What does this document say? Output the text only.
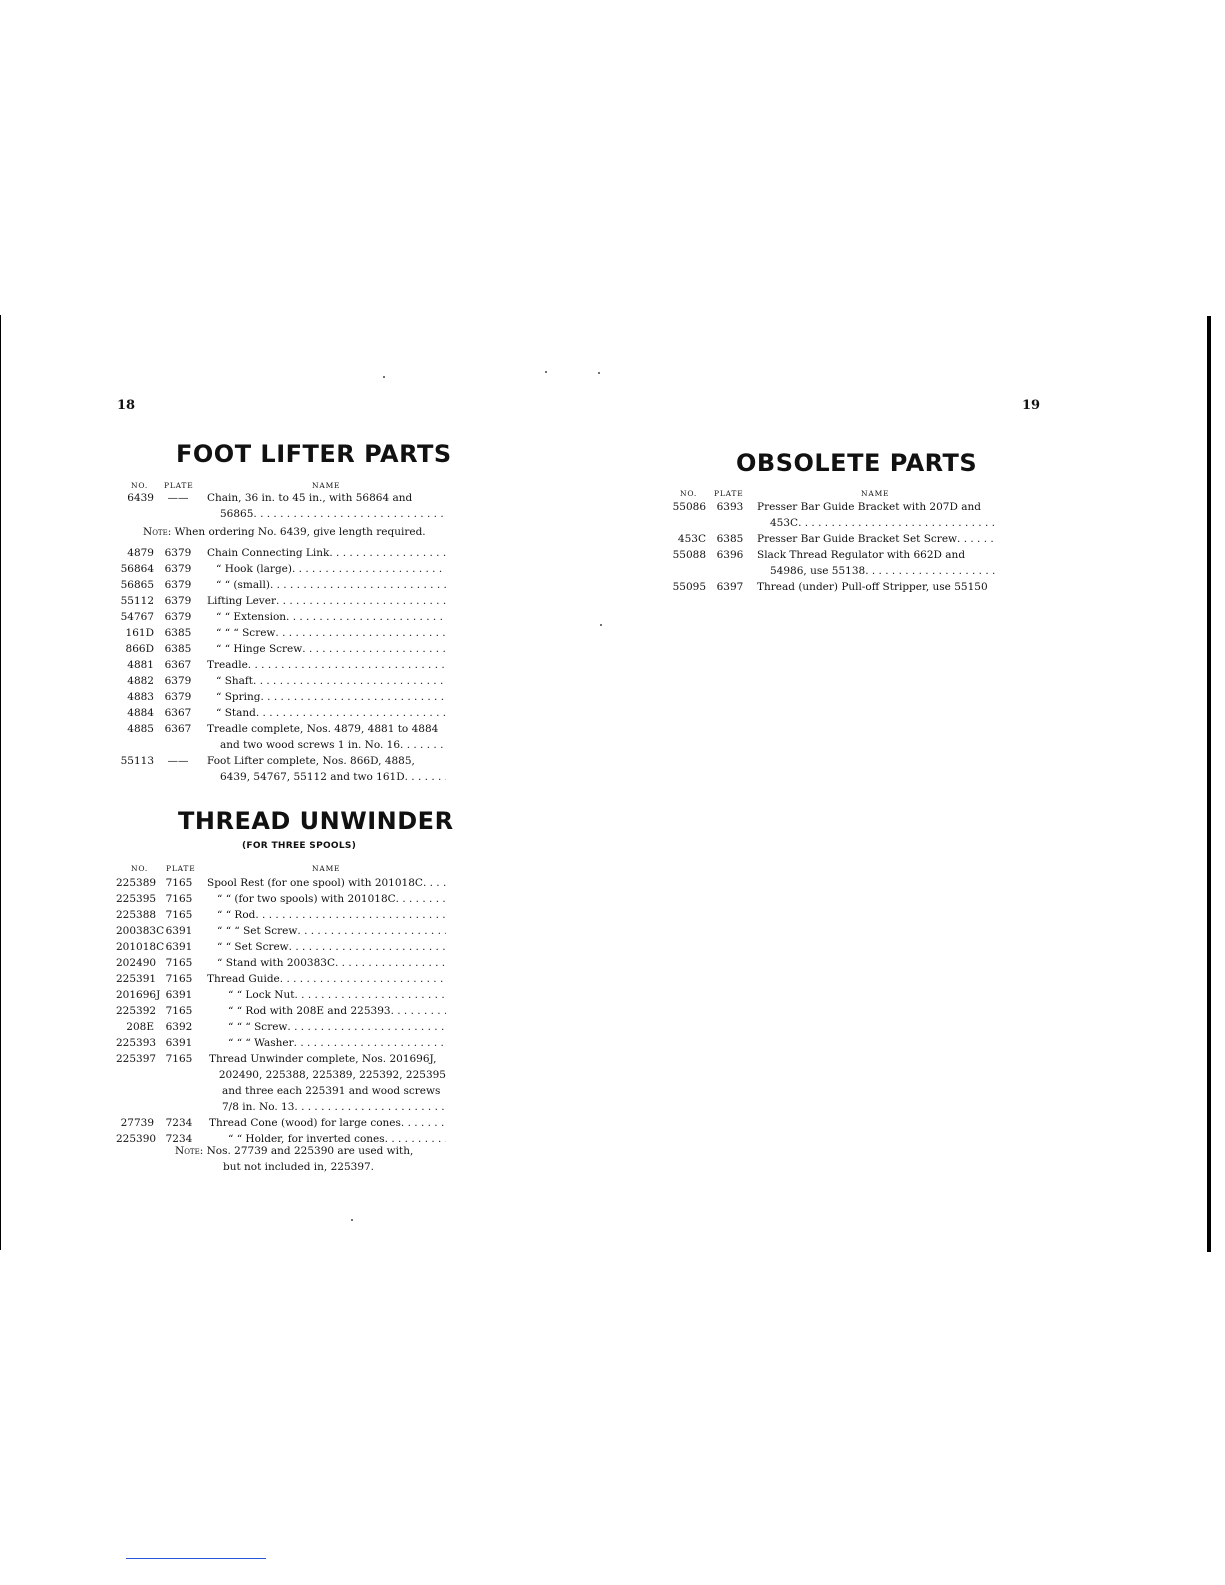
18
FOOT LIFTER PARTS
NO. PLATE	NAME
6439	——	Chain, 36 in. to 45 in., with 56864 and
56865
. . .
Note: When ordering No. 6439, give length required.
4879	6379	Chain Connecting Link
. . .
56864	6379	“ Hook (large)
. . .
56865	6379	“ “ (small)
. . .
55112	6379	Lifting Lever
. . .
54767	6379	“ “ Extension
. . .
161D	6385	“ “ “ Screw
. . .
866D	6385	“ “ Hinge Screw
. . .
4881	6367	Treadle
. . .
4882	6379	“ Shaft
. . .
4883	6379	“ Spring
. . .
4884	6367	“ Stand
. . .
4885	6367	Treadle complete, Nos. 4879, 4881 to 4884
and two wood screws 1 in. No. 16
. . .
55113	——	Foot Lifter complete, Nos. 866D, 4885,
6439, 54767, 55112 and two 161D
. . .
THREAD UNWINDER
(FOR THREE SPOOLS)
NO. PLATE	NAME
225389 7165	Spool Rest (for one spool) with 201018C
. . .
225395 7165	“ “ (for two spools) with 201018C
. . .
225388 7165	“ “ Rod
. . .
200383C 6391	“ “ “ Set Screw
. . .
201018C 6391	“ “ Set Screw
. . .
202490 7165	“ Stand with 200383C
. . .
225391 7165	Thread Guide
. . .
201696J 6391	“ “ Lock Nut
. . .
225392 7165	“ “ Rod with 208E and 225393
. . .
208E	6392	“ “ “ Screw
. . .
225393 6391	“ “ “ Washer
. . .
225397 7165	Thread Unwinder complete, Nos. 201696J,
202490, 225388, 225389, 225392, 225395
and three each 225391 and wood screws
7/8 in. No. 13
. . .
27739	7234	Thread Cone (wood) for large cones
. . .
225390 7234	“ “ Holder, for inverted cones
. . .
Note: Nos. 27739 and 225390 are used with,
but not included in, 225397.
19
OBSOLETE PARTS
NO. PLATE	NAME
55086	6393	Presser Bar Guide Bracket with 207D and
453C
. . .
453C	6385	Presser Bar Guide Bracket Set Screw
. . .
55088	6396	Slack Thread Regulator with 662D and
54986, use 55138
. . .
55095	6397	Thread (under) Pull-off Stripper, use 55150
